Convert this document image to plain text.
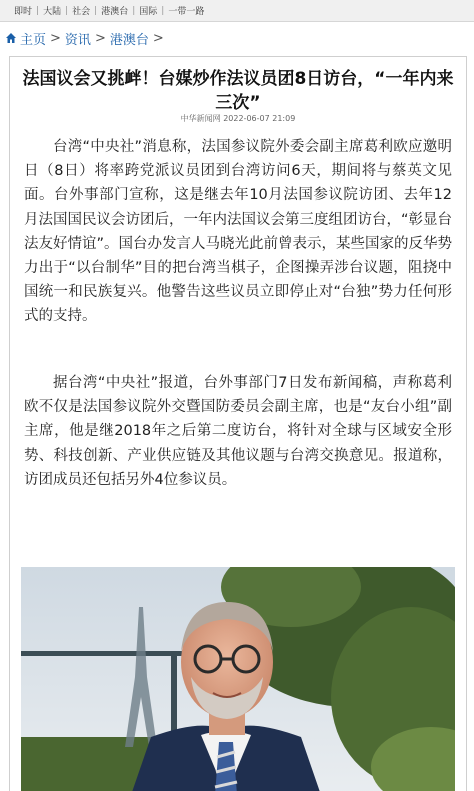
即时 | 大陆 | 社会 | 港澳台 | 国际 | 一带一路
主页 > 资讯 > 港澳台 >
法国议会又挑衅！台媒炒作法议员团8日访台，“一年内来三次”
中华新闻网 2022-06-07 21:09

台湾“中央社”消息称，法国参议院外委会副主席葛利欧应邀明日（8日）将率跨党派议员团到台湾访问6天，期间将与蔡英文见面。台外事部门宣称，这是继去年10月法国参议院访团、去年12月法国国民议会访团后，一年内法国议会第三度组团访台，“彰显台法友好情谊”。国台办发言人马晓光此前曾表示，某些国家的反华势力出于“以台制华”目的把台湾当棋子，企图操弄涉台议题，阻挠中国统一和民族复兴。他警告这些议员立即停止对“台独”势力任何形式的支持。

据台湾“中央社”报道，台外事部门7日发布新闻稿，声称葛利欧不仅是法国参议院外交暨国防委员会副主席，也是“友台小组”副主席，他是继2018年之后第二度访台，将针对全球与区域安全形势、科技创新、产业供应链及其他议题与台湾交换意见。报道称，访团成员还包括另外4位参议员。
